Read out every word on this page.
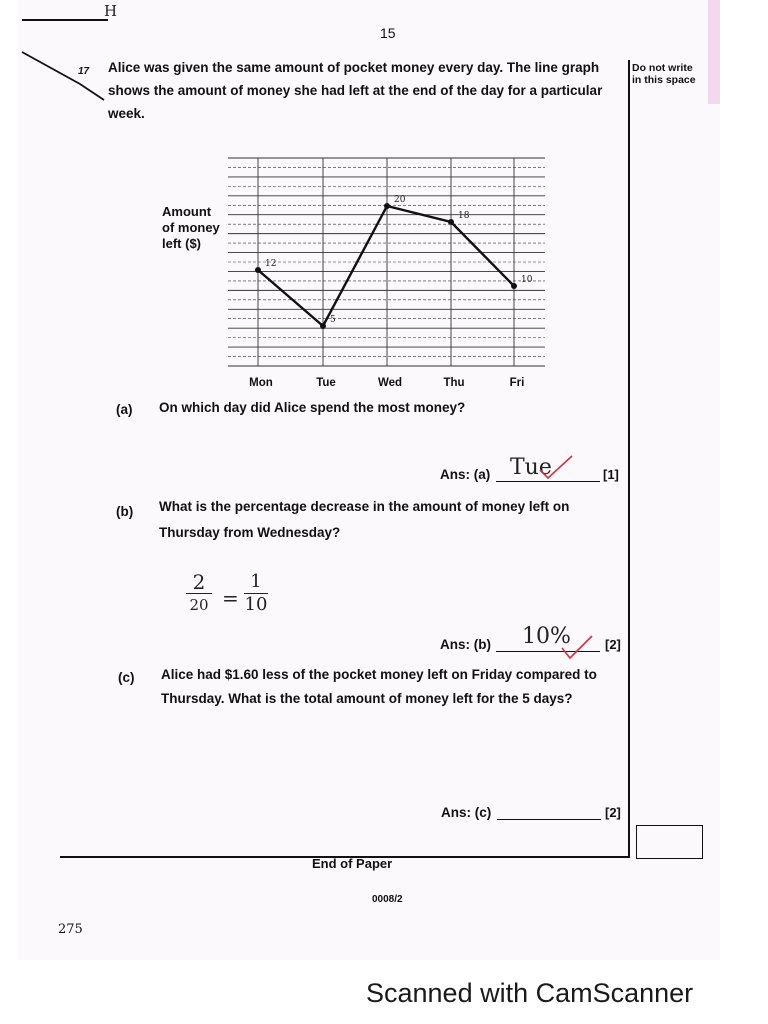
H
15
Do not write
in this space
17 Alice was given the same amount of pocket money every day. The line graph
shows the amount of money she had left at the end of the day for a particular
week.
Amount
of money
left ($)
12
5
20
18
10
Mon	Tue	Wed	Thu	Fri
(a) On which day did Alice spend the most money?
Ans: (a) Tue	[1]
(b) What is the percentage decrease in the amount of money left on
Thursday from Wednesday?
2
20 =
1
10
Ans: (b) 10%	[2]
(c) Alice had $1.60 less of the pocket money left on Friday compared to
Thursday. What is the total amount of money left for the 5 days?
Ans: (c)	[2]
End of Paper
0008/2
275
Scanned with CamScanner
